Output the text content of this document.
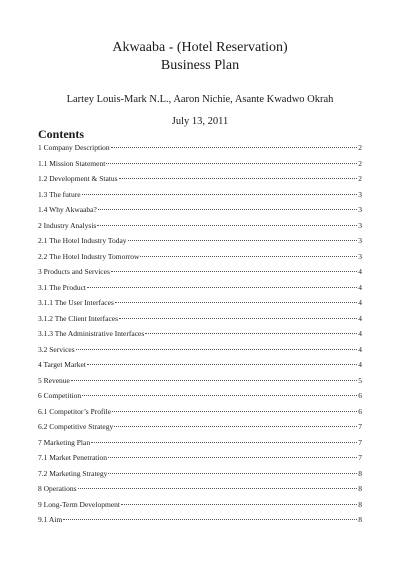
Akwaaba - (Hotel Reservation)
Business Plan
Lartey Louis-Mark N.L., Aaron Nichie, Asante Kwadwo Okrah
July 13, 2011
Contents
1 Company Description	2
1.1 Mission Statement	2
1.2 Development & Status	2
1.3 The future	3
1.4 Why Akwaaba?	3
2 Industry Analysis	3
2.1 The Hotel Industry Today	3
2.2 The Hotel Industry Tomorrow	3
3 Products and Services	4
3.1 The Product	4
3.1.1 The User Interfaces	4
3.1.2 The Client Interfaces	4
3.1.3 The Administrative Interfaces	4
3.2 Services	4
4 Target Market	4
5 Revenue	5
6 Competition	6
6.1 Competitor’s Profile	6
6.2 Competitive Strategy	7
7 Marketing Plan	7
7.1 Market Penetration	7
7.2 Marketing Strategy	8
8 Operations	8
9 Long-Term Development	8
9.1 Aim	8
